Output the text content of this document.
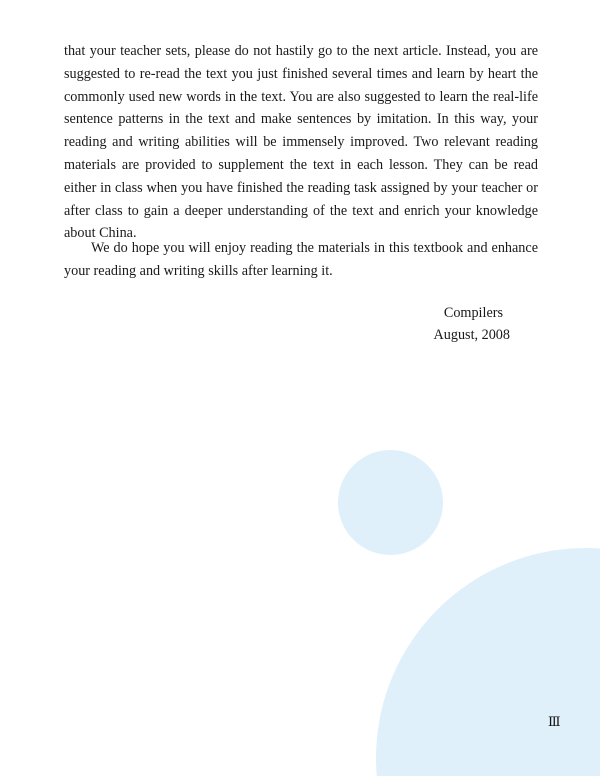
that your teacher sets, please do not hastily go to the next article. Instead, you are suggested to re-read the text you just finished several times and learn by heart the commonly used new words in the text. You are also suggested to learn the real-life sentence patterns in the text and make sentences by imitation. In this way, your reading and writing abilities will be immensely improved. Two relevant reading materials are provided to supplement the text in each lesson. They can be read either in class when you have finished the reading task assigned by your teacher or after class to gain a deeper understanding of the text and enrich your knowledge about China.

We do hope you will enjoy reading the materials in this textbook and enhance your reading and writing skills after learning it.

Compilers
August, 2008
Ⅲ
